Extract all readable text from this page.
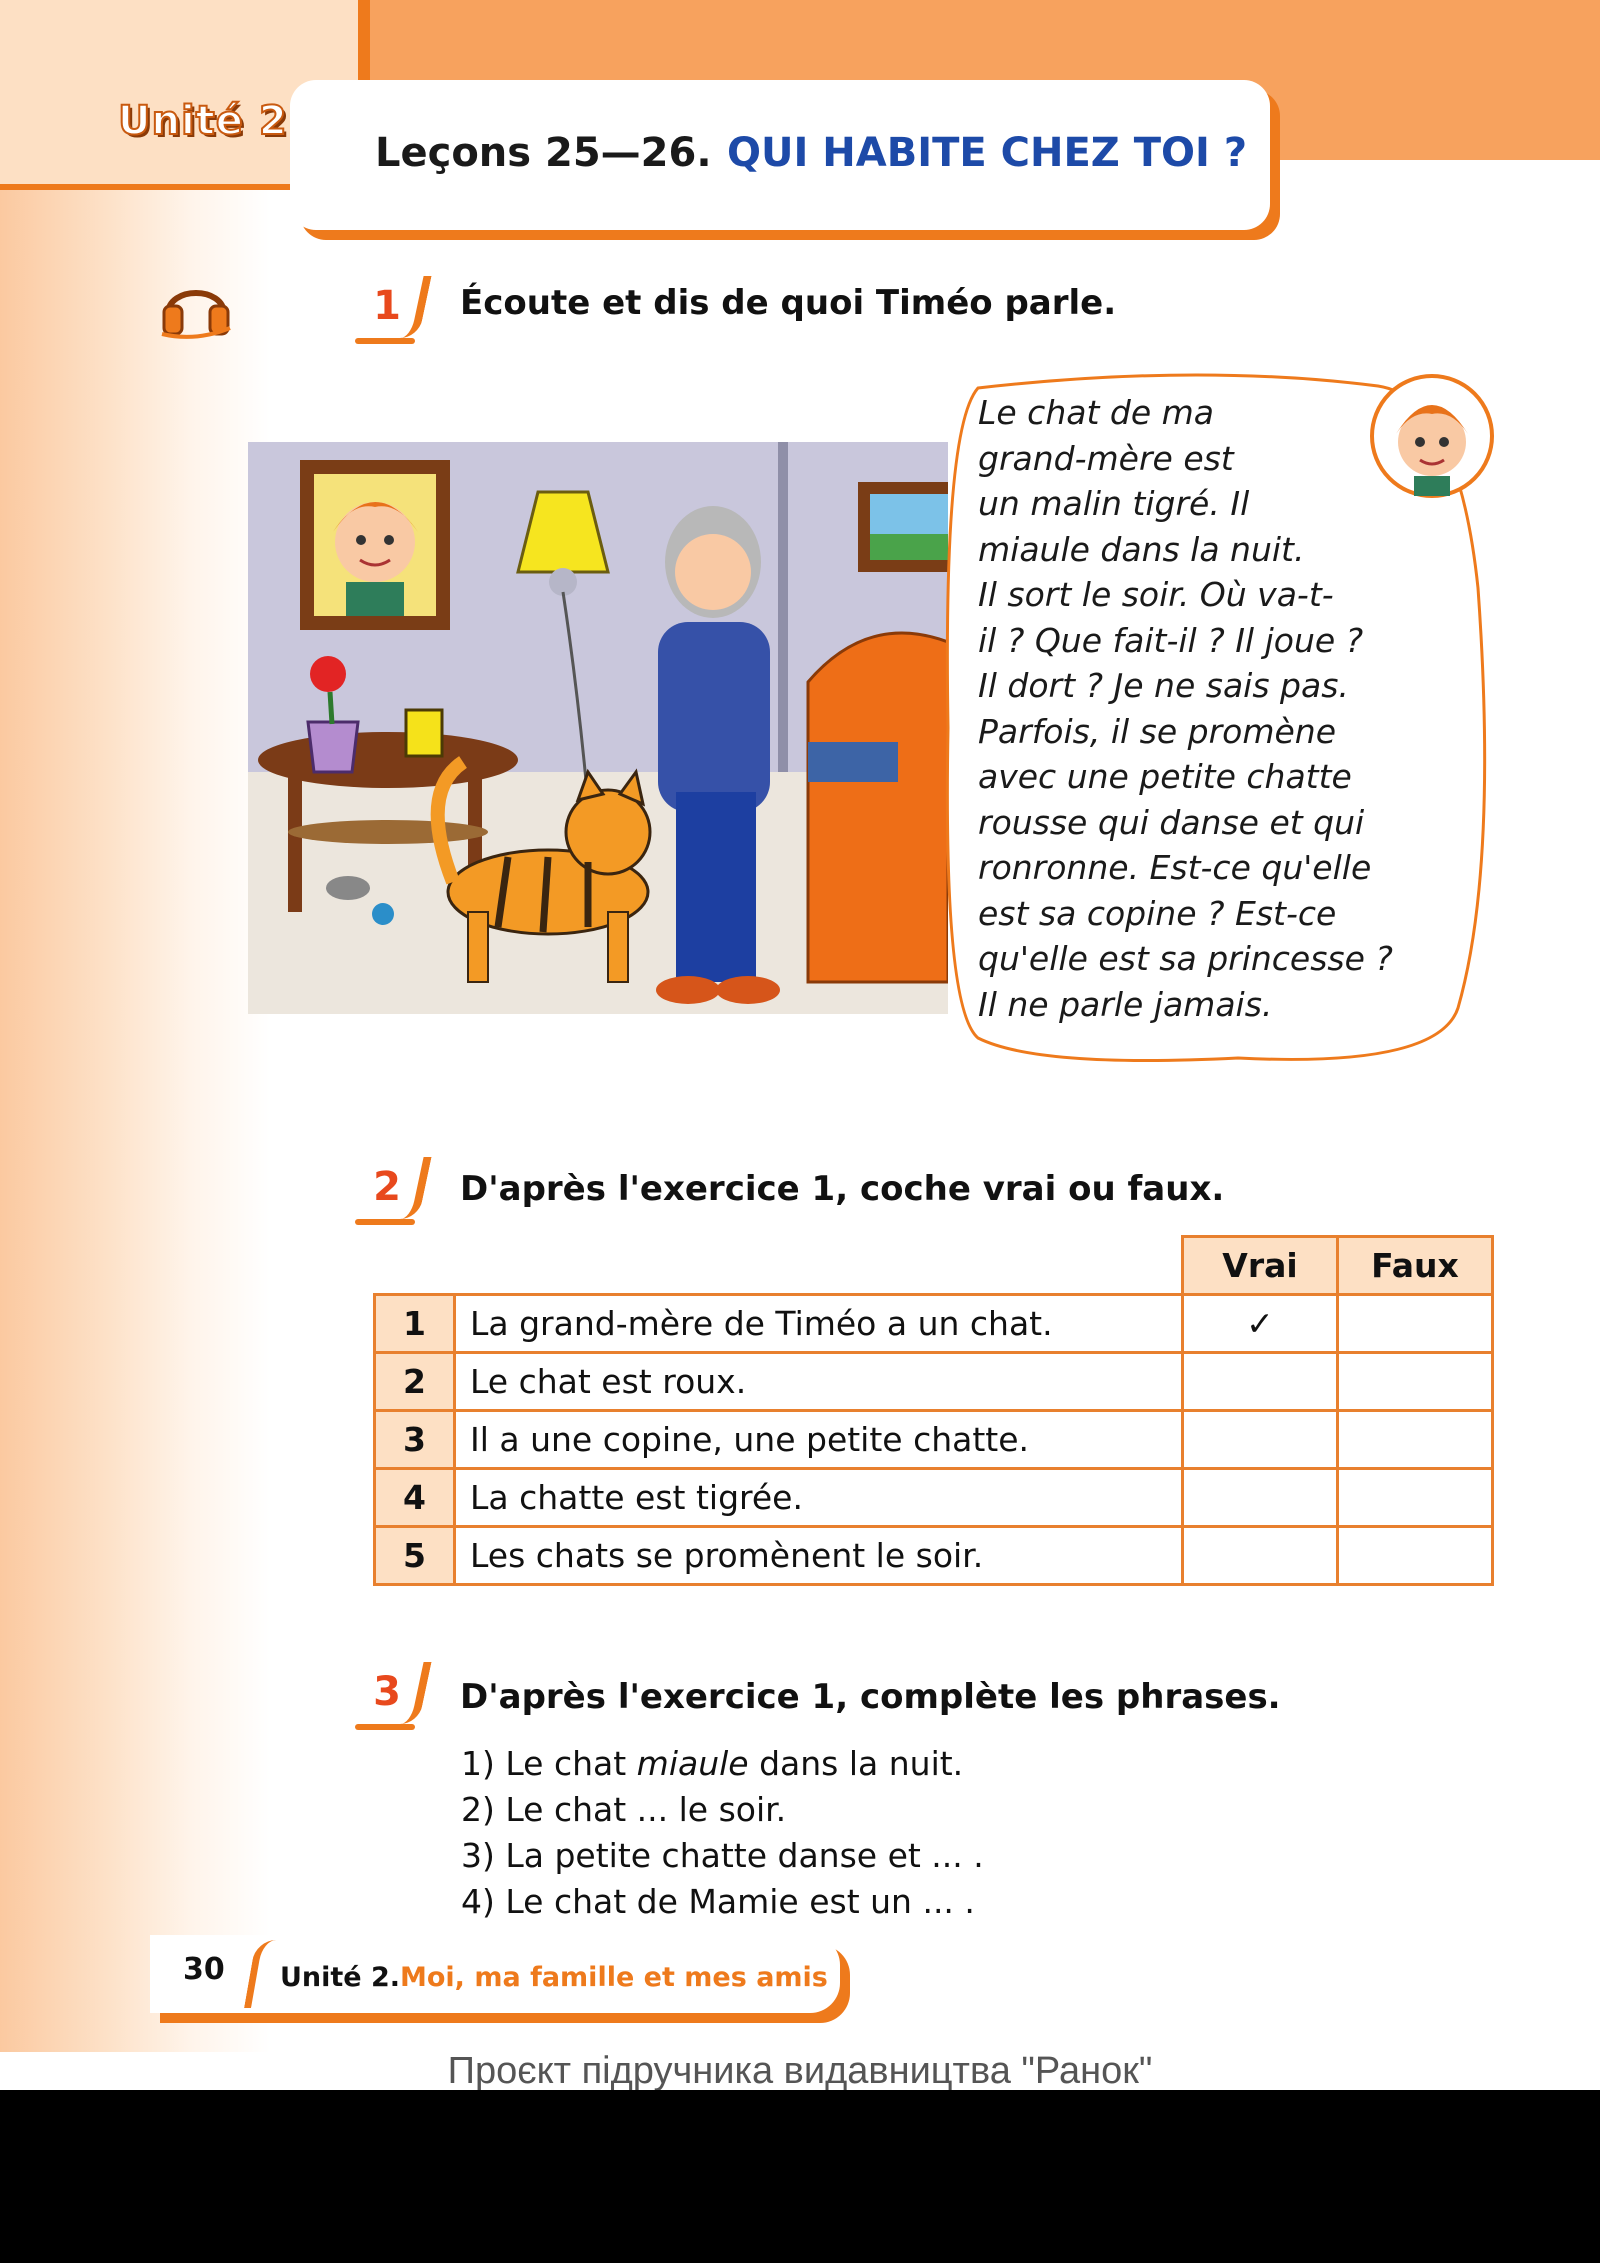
Unité 2
Leçons 25—26. QUI HABITE CHEZ TOI ?
1	Écoute et dis de quoi Timéo parle.
Le chat de ma
grand-mère est
un malin tigré. Il
miaule dans la nuit.
Il sort le soir. Où va-t-
il ? Que fait-il ? Il joue ?
Il dort ? Je ne sais pas.
Parfois, il se promène
avec une petite chatte
rousse qui danse et qui
ronronne. Est-ce qu'elle
est sa copine ? Est-ce
qu'elle est sa princesse ?
Il ne parle jamais.
2	D'après l'exercice 1, coche vrai ou faux.
		Vrai	Faux
1	La grand-mère de Timéo a un chat.	✓	
2	Le chat est roux.		
3	Il a une copine, une petite chatte.		
4	La chatte est tigrée.		
5	Les chats se promènent le soir.		
3	D'après l'exercice 1, complète les phrases.
1) Le chat miaule dans la nuit.
2) Le chat ... le soir.
3) La petite chatte danse et ... .
4) Le chat de Mamie est un ... .
30 Unité 2. Moi, ma famille et mes amis
Проєкт підручника видавництва "Ранок"
